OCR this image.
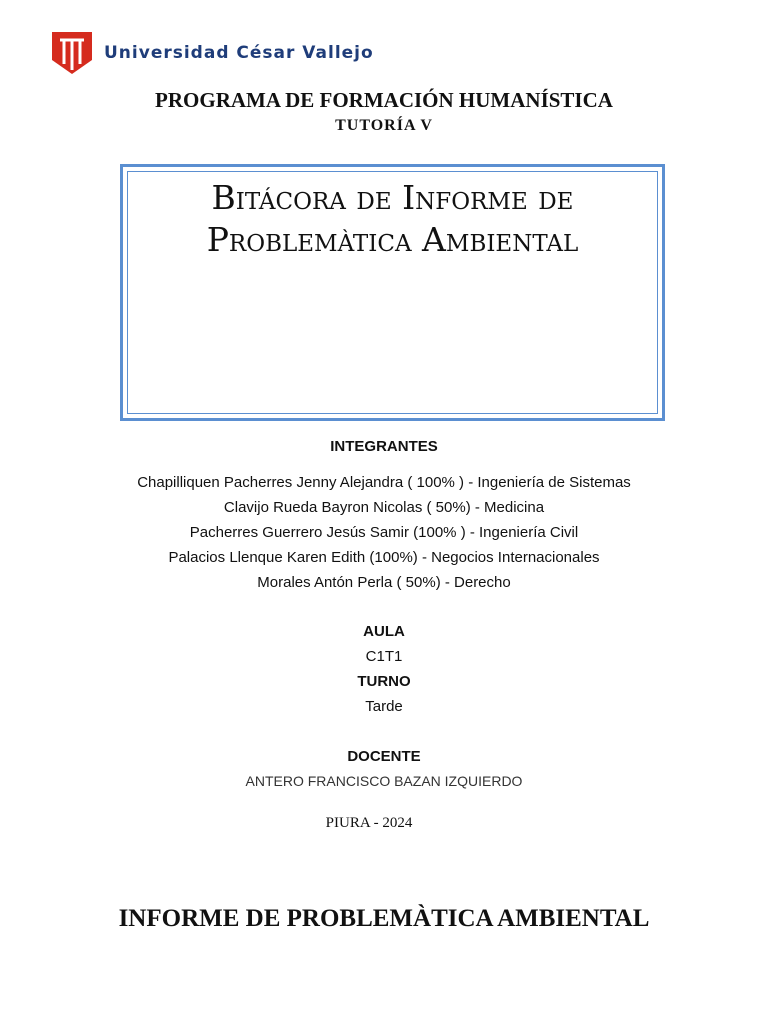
Universidad César Vallejo
PROGRAMA DE FORMACIÓN HUMANÍSTICA
TUTORÍA V
Bitácora de Informe de
Problemàtica Ambiental
INTEGRANTES
Chapilliquen Pacherres Jenny Alejandra ( 100% ) - Ingeniería de Sistemas
Clavijo Rueda Bayron Nicolas ( 50%) - Medicina
Pacherres Guerrero Jesús Samir (100% ) - Ingeniería Civil
Palacios Llenque Karen Edith (100%) - Negocios Internacionales
Morales Antón Perla ( 50%) - Derecho
AULA
C1T1
TURNO
Tarde
DOCENTE
ANTERO FRANCISCO BAZAN IZQUIERDO
PIURA - 2024
INFORME DE PROBLEMÀTICA AMBIENTAL
